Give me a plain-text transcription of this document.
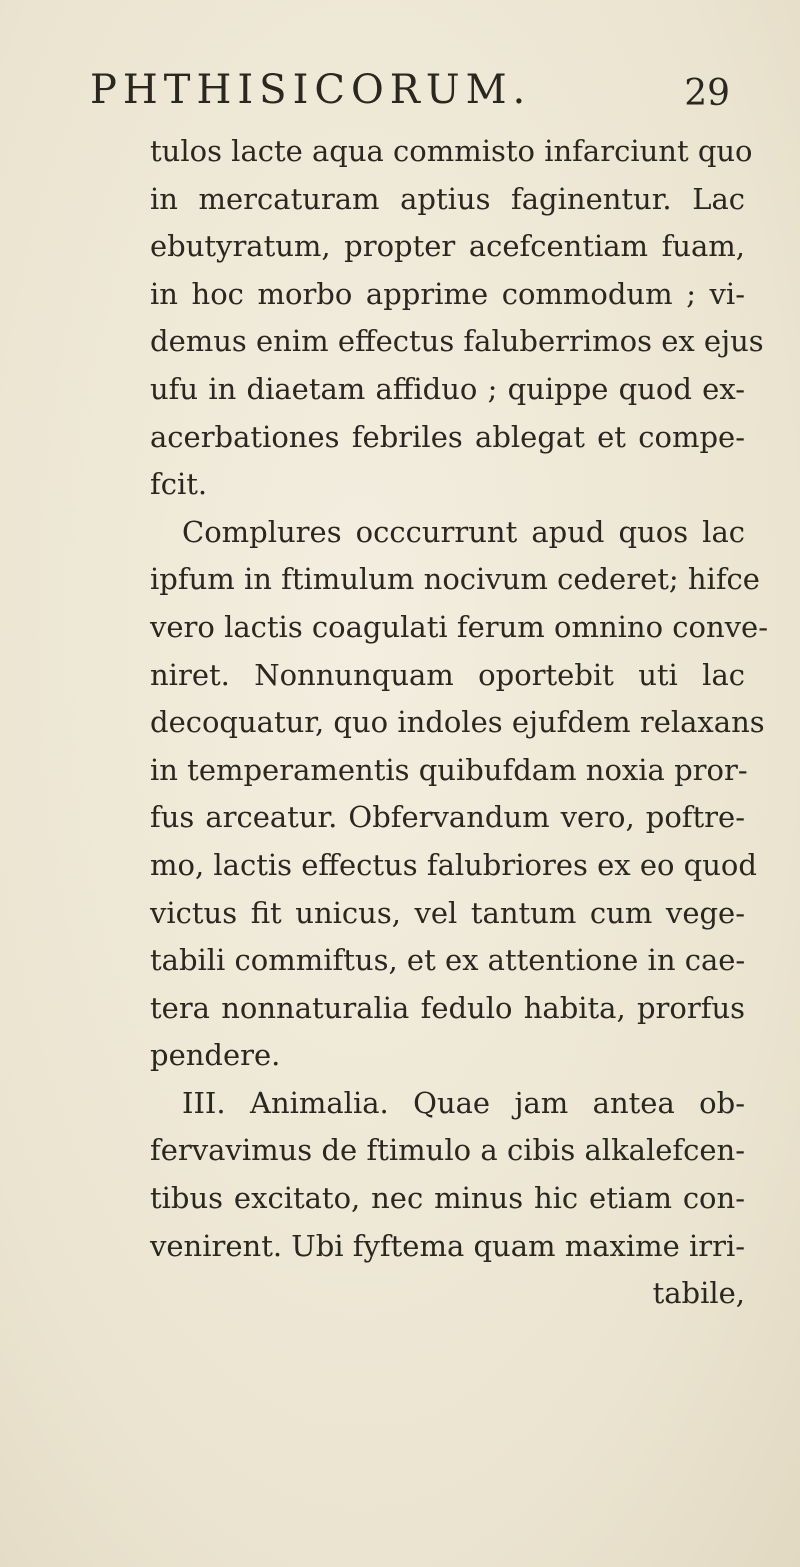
PHTHISICORUM.	29
tulos lacte aqua commisto infarciunt quo
in mercaturam aptius faginentur. Lac
ebutyratum, propter acefcentiam fuam,
in hoc morbo apprime commodum ; vi-
demus enim effectus faluberrimos ex ejus
ufu in diaetam affiduo ; quippe quod ex-
acerbationes febriles ablegat et compe-
fcit.
Complures occcurrunt apud quos lac
ipfum in ftimulum nocivum cederet; hifce
vero lactis coagulati ferum omnino conve-
niret. Nonnunquam oportebit uti lac
decoquatur, quo indoles ejufdem relaxans
in temperamentis quibufdam noxia pror-
fus arceatur. Obfervandum vero, poftre-
mo, lactis effectus falubriores ex eo quod
victus fit unicus, vel tantum cum vege-
tabili commiftus, et ex attentione in cae-
tera nonnaturalia fedulo habita, prorfus
pendere.
III. Animalia. Quae jam antea ob-
fervavimus de ftimulo a cibis alkalefcen-
tibus excitato, nec minus hic etiam con-
venirent. Ubi fyftema quam maxime irri-
tabile,
